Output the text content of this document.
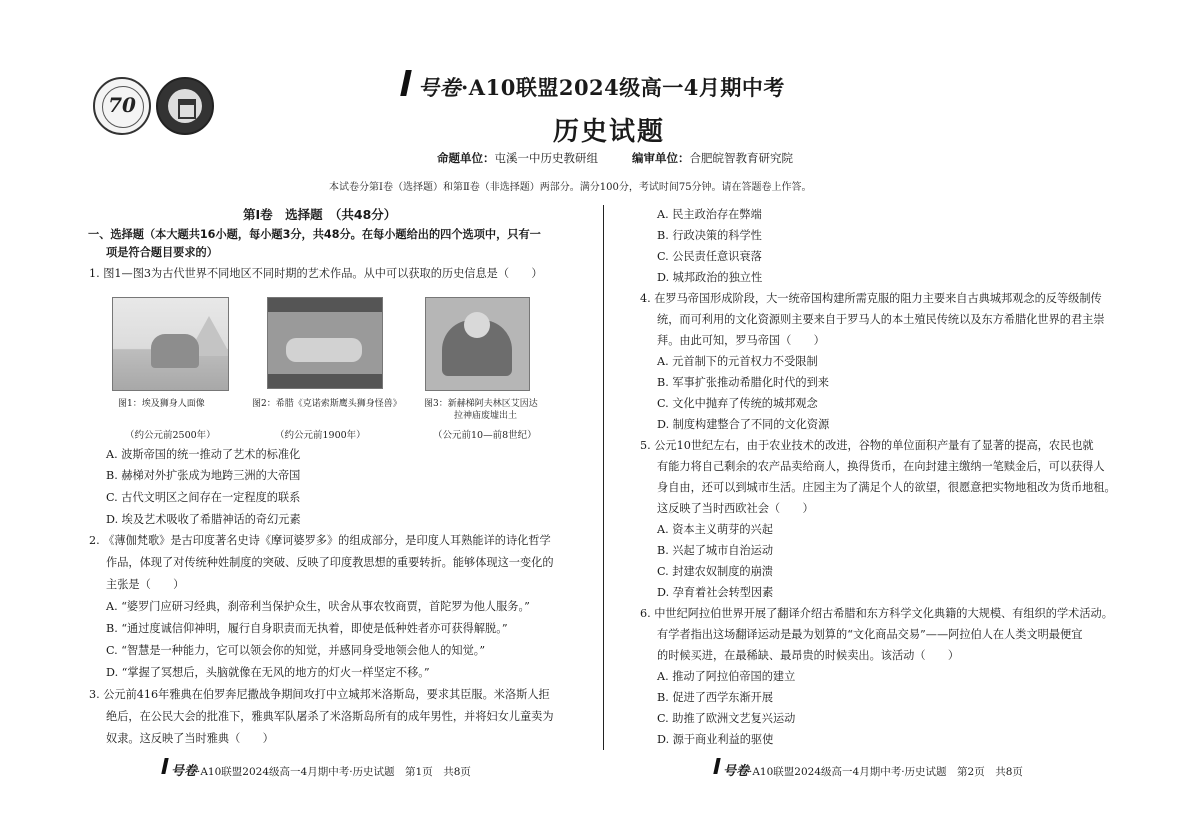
70
号卷·A10联盟2024级高一4月期中考
历史试题
命题单位：屯溪一中历史教研组	编审单位：合肥皖智教育研究院
本试卷分第Ⅰ卷（选择题）和第Ⅱ卷（非选择题）两部分。满分100分，考试时间75分钟。请在答题卷上作答。
第Ⅰ卷　选择题　（共48分）
一、选择题（本大题共16小题，每小题3分，共48分。在每小题给出的四个选项中，只有一
项是符合题目要求的）
1. 图1—图3为古代世界不同地区不同时期的艺术作品。从中可以获取的历史信息是（　　）
图1：埃及狮身人面像	图2：希腊《克诺索斯鹰头狮身怪兽》 图3：新赫梯阿夫林区艾因达
拉神庙废墟出土
（约公元前2500年）	（约公元前1900年）	（公元前10—前8世纪）
A. 波斯帝国的统一推动了艺术的标准化
B. 赫梯对外扩张成为地跨三洲的大帝国
C. 古代文明区之间存在一定程度的联系
D. 埃及艺术吸收了希腊神话的奇幻元素
2. 《薄伽梵歌》是古印度著名史诗《摩诃婆罗多》的组成部分，是印度人耳熟能详的诗化哲学
作品，体现了对传统种姓制度的突破、反映了印度教思想的重要转折。能够体现这一变化的
主张是（　　）
A. “婆罗门应研习经典，刹帝利当保护众生，吠舍从事农牧商贾，首陀罗为他人服务。”
B. “通过度诚信仰神明，履行自身职责而无执着，即使是低种姓者亦可获得解脱。”
C. “智慧是一种能力，它可以领会你的知觉，并感同身受地领会他人的知觉。”
D. “掌握了冥想后，头脑就像在无风的地方的灯火一样坚定不移。”
3. 公元前416年雅典在伯罗奔尼撒战争期间攻打中立城邦米洛斯岛，要求其臣服。米洛斯人拒
绝后，在公民大会的批准下，雅典军队屠杀了米洛斯岛所有的成年男性，并将妇女儿童卖为
奴隶。这反映了当时雅典（　　）
A. 民主政治存在弊端
B. 行政决策的科学性
C. 公民责任意识衰落
D. 城邦政治的独立性
4. 在罗马帝国形成阶段，大一统帝国构建所需克服的阻力主要来自古典城邦观念的反等级制传
统，而可利用的文化资源则主要来自于罗马人的本土殖民传统以及东方希腊化世界的君主崇
拜。由此可知，罗马帝国（　　）
A. 元首制下的元首权力不受限制
B. 军事扩张推动希腊化时代的到来
C. 文化中抛弃了传统的城邦观念
D. 制度构建整合了不同的文化资源
5. 公元10世纪左右，由于农业技术的改进，谷物的单位面积产量有了显著的提高，农民也就
有能力将自己剩余的农产品卖给商人，换得货币，在向封建主缴纳一笔赎金后，可以获得人
身自由，还可以到城市生活。庄园主为了满足个人的欲望，很愿意把实物地租改为货币地租。
这反映了当时西欧社会（　　）
A. 资本主义萌芽的兴起
B. 兴起了城市自治运动
C. 封建农奴制度的崩溃
D. 孕育着社会转型因素
6. 中世纪阿拉伯世界开展了翻译介绍古希腊和东方科学文化典籍的大规模、有组织的学术活动。
有学者指出这场翻译运动是最为划算的“文化商品交易”——阿拉伯人在人类文明最便宜
的时候买进，在最稀缺、最昂贵的时候卖出。该活动（　　）
A. 推动了阿拉伯帝国的建立
B. 促进了西学东渐开展
C. 助推了欧洲文艺复兴运动
D. 源于商业利益的驱使
号卷·A10联盟2024级高一4月期中考·历史试题　第1页　共8页	号卷·A10联盟2024级高一4月期中考·历史试题　第2页　共8页
